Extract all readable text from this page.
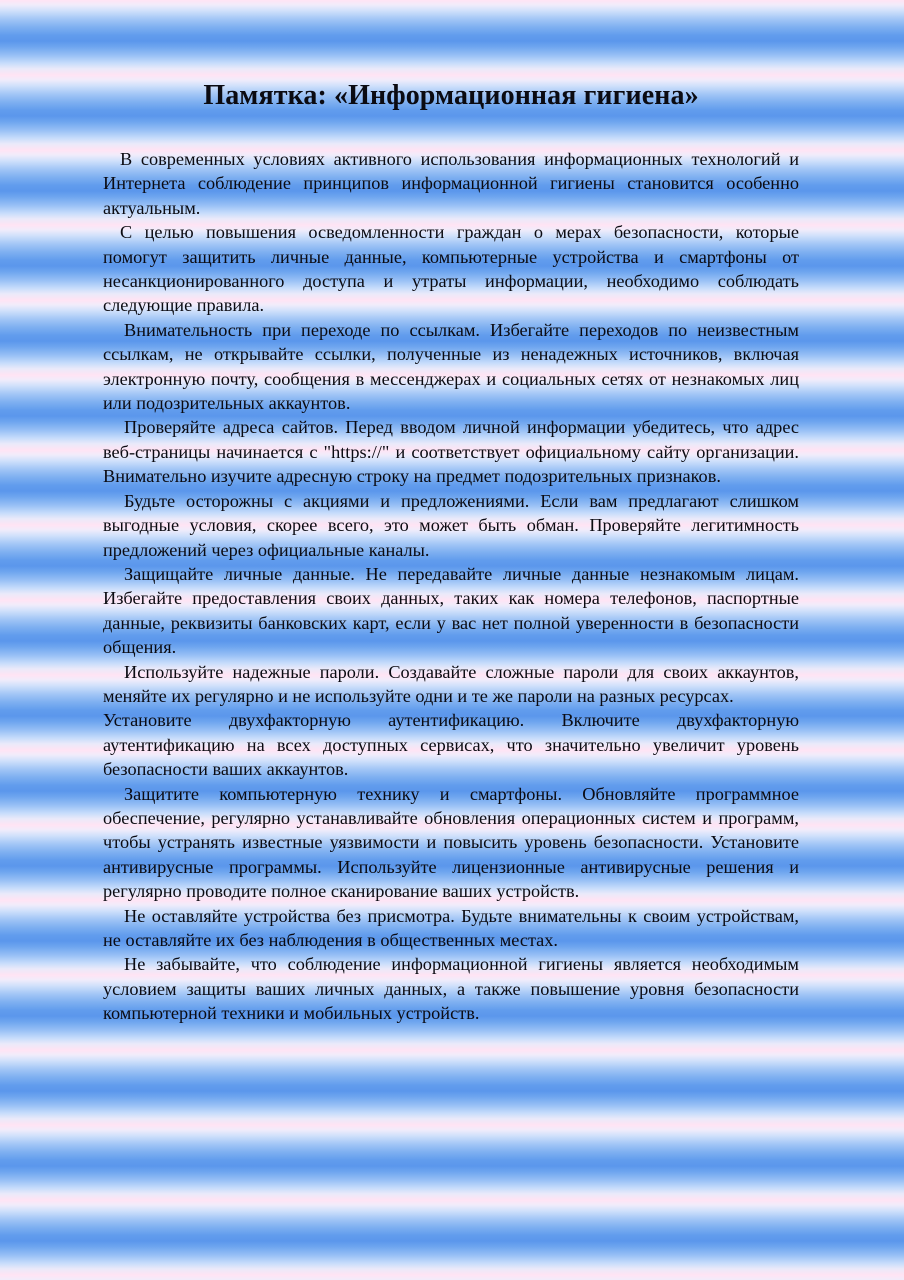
Памятка: «Информационная гигиена»

В современных условиях активного использования информационных технологий и Интернета соблюдение принципов информационной гигиены становится особенно актуальным.

С целью повышения осведомленности граждан о мерах безопасности, которые помогут защитить личные данные, компьютерные устройства и смартфоны от несанкционированного доступа и утраты информации, необходимо соблюдать следующие правила.

Внимательность при переходе по ссылкам. Избегайте переходов по неизвестным ссылкам, не открывайте ссылки, полученные из ненадежных источников, включая электронную почту, сообщения в мессенджерах и социальных сетях от незнакомых лиц или подозрительных аккаунтов.

Проверяйте адреса сайтов. Перед вводом личной информации убедитесь, что адрес веб-страницы начинается с "https://" и соответствует официальному сайту организации. Внимательно изучите адресную строку на предмет подозрительных признаков.

Будьте осторожны с акциями и предложениями. Если вам предлагают слишком выгодные условия, скорее всего, это может быть обман. Проверяйте легитимность предложений через официальные каналы.

Защищайте личные данные. Не передавайте личные данные незнакомым лицам. Избегайте предоставления своих данных, таких как номера телефонов, паспортные данные, реквизиты банковских карт, если у вас нет полной уверенности в безопасности общения.

Используйте надежные пароли. Создавайте сложные пароли для своих аккаунтов, меняйте их регулярно и не используйте одни и те же пароли на разных ресурсах.

Установите двухфакторную аутентификацию. Включите двухфакторную аутентификацию на всех доступных сервисах, что значительно увеличит уровень безопасности ваших аккаунтов.

Защитите компьютерную технику и смартфоны. Обновляйте программное обеспечение, регулярно устанавливайте обновления операционных систем и программ, чтобы устранять известные уязвимости и повысить уровень безопасности. Установите антивирусные программы. Используйте лицензионные антивирусные решения и регулярно проводите полное сканирование ваших устройств.

Не оставляйте устройства без присмотра. Будьте внимательны к своим устройствам, не оставляйте их без наблюдения в общественных местах.

Не забывайте, что соблюдение информационной гигиены является необходимым условием защиты ваших личных данных, а также повышение уровня безопасности компьютерной техники и мобильных устройств.
